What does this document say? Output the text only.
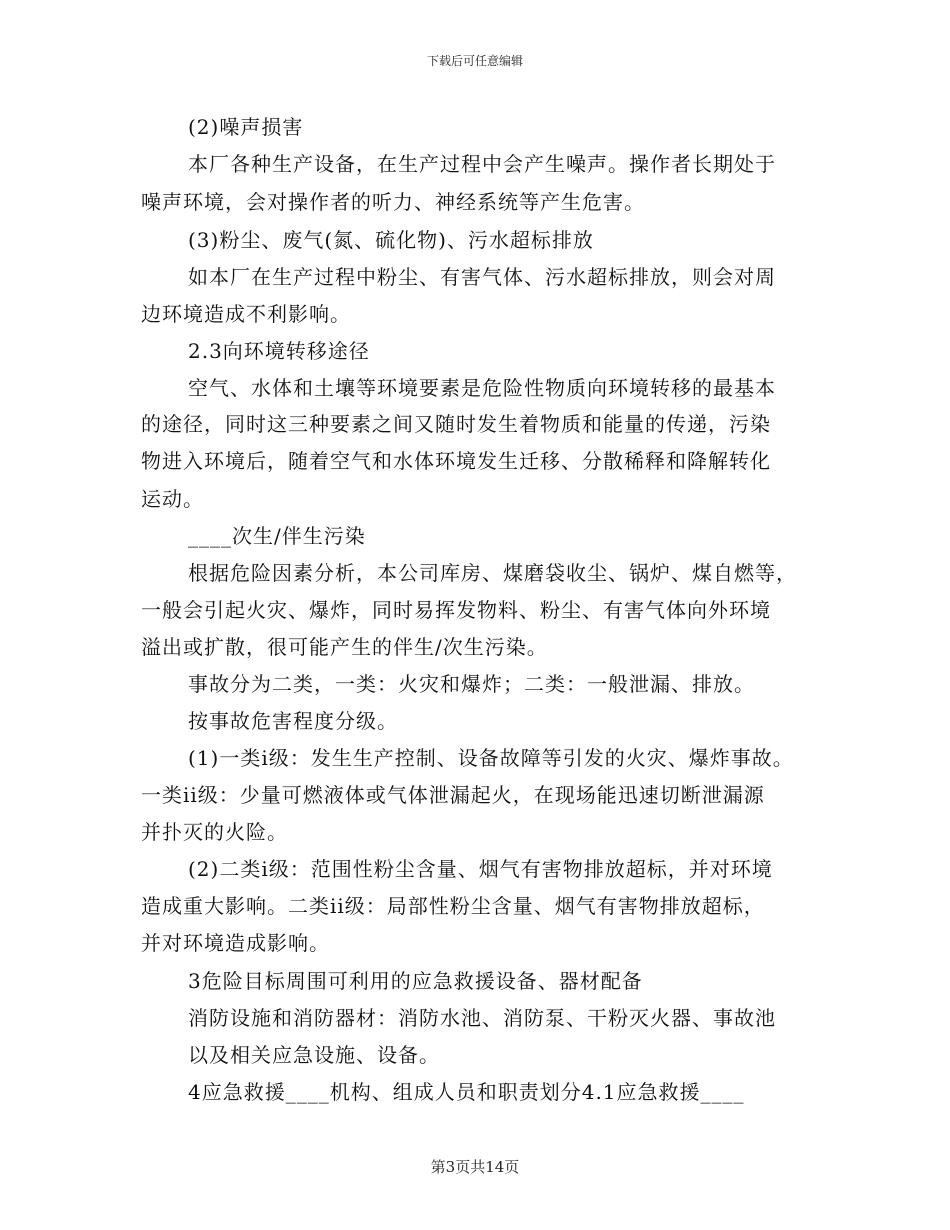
下载后可任意编辑
(2)噪声损害
本厂各种生产设备，在生产过程中会产生噪声。操作者长期处于
噪声环境，会对操作者的听力、神经系统等产生危害。
(3)粉尘、废气(氮、硫化物)、污水超标排放
如本厂在生产过程中粉尘、有害气体、污水超标排放，则会对周
边环境造成不利影响。
2.3向环境转移途径
空气、水体和土壤等环境要素是危险性物质向环境转移的最基本
的途径，同时这三种要素之间又随时发生着物质和能量的传递，污染
物进入环境后，随着空气和水体环境发生迁移、分散稀释和降解转化
运动。
____次生/伴生污染
根据危险因素分析，本公司库房、煤磨袋收尘、锅炉、煤自燃等，
一般会引起火灾、爆炸，同时易挥发物料、粉尘、有害气体向外环境
溢出或扩散，很可能产生的伴生/次生污染。
事故分为二类，一类：火灾和爆炸；二类：一般泄漏、排放。
按事故危害程度分级。
(1)一类i级：发生生产控制、设备故障等引发的火灾、爆炸事故。
一类ii级：少量可燃液体或气体泄漏起火，在现场能迅速切断泄漏源
并扑灭的火险。
(2)二类i级：范围性粉尘含量、烟气有害物排放超标，并对环境
造成重大影响。二类ii级：局部性粉尘含量、烟气有害物排放超标，
并对环境造成影响。
3危险目标周围可利用的应急救援设备、器材配备
消防设施和消防器材：消防水池、消防泵、干粉灭火器、事故池
以及相关应急设施、设备。
4应急救援____机构、组成人员和职责划分4.1应急救援____
第3页共14页
